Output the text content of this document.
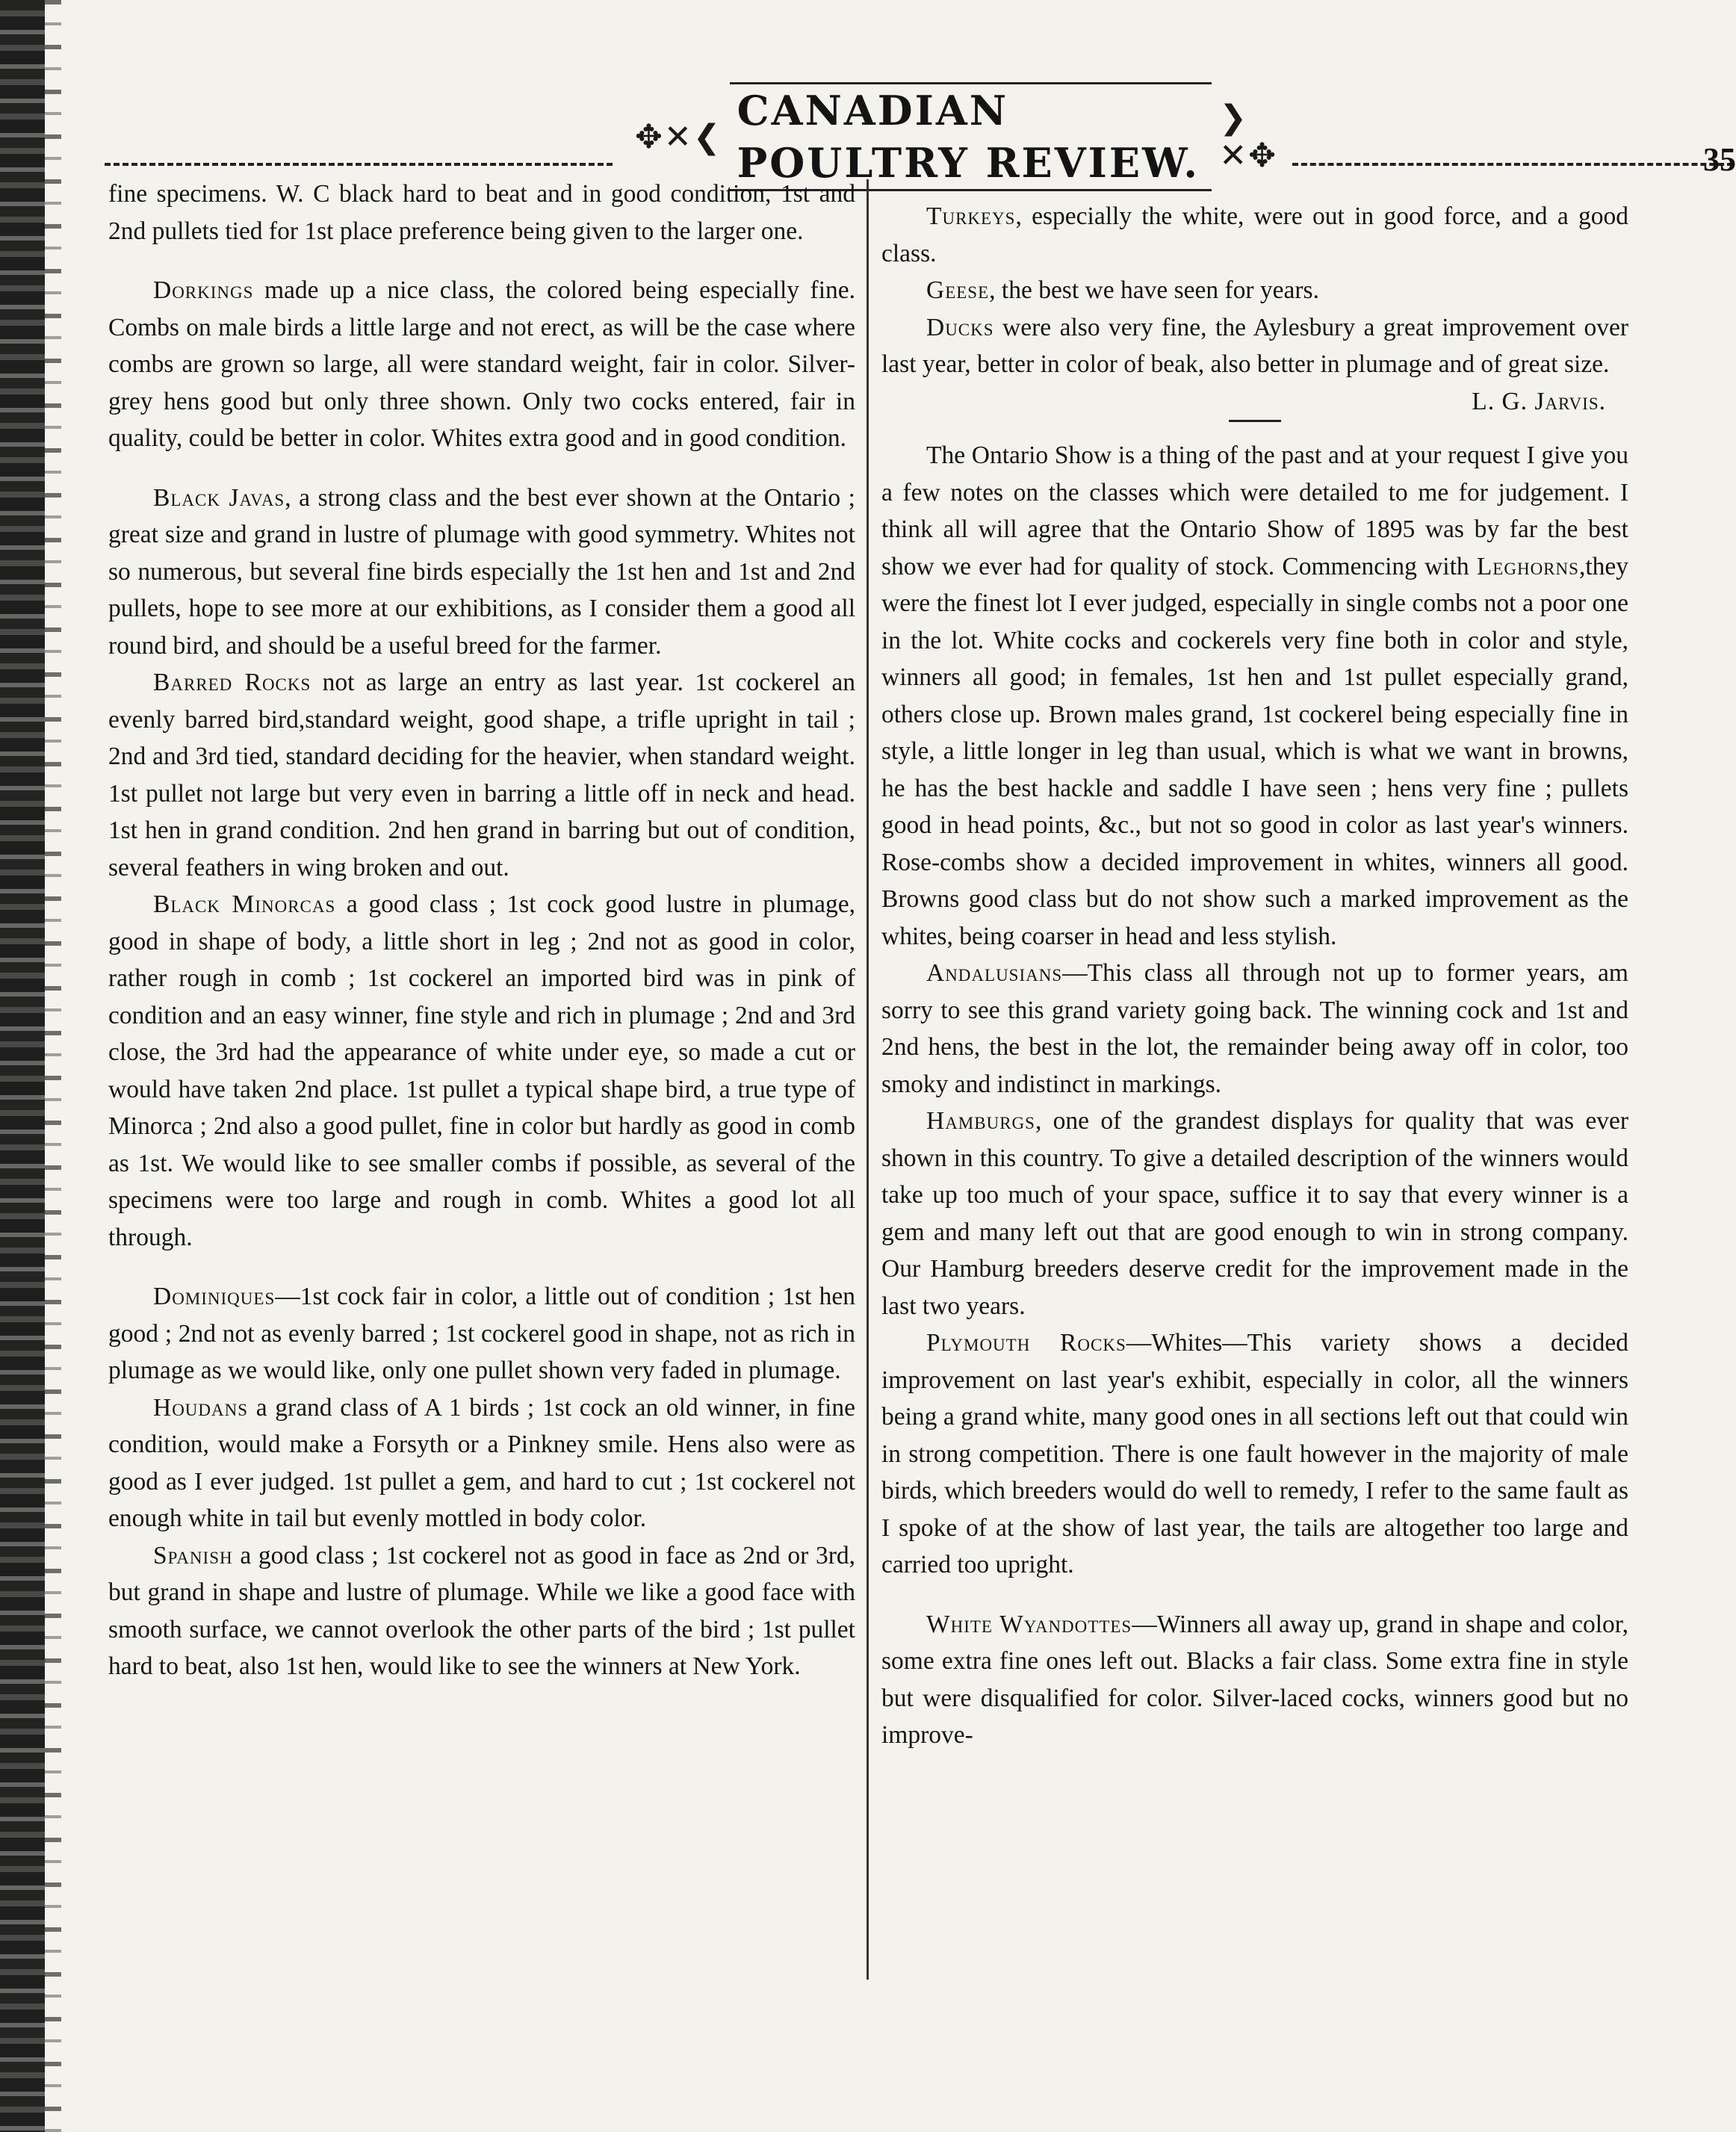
✥✕❮
CANADIAN POULTRY REVIEW.
❯✕✥	35

fine specimens. W. C black hard to beat and in good condition, 1st and 2nd pullets tied for 1st place preference being given to the larger one.

Dorkings made up a nice class, the colored being especially fine. Combs on male birds a little large and not erect, as will be the case where combs are grown so large, all were standard weight, fair in color. Silver-grey hens good but only three shown. Only two cocks entered, fair in quality, could be better in color. Whites extra good and in good condition.

Black Javas, a strong class and the best ever shown at the Ontario ; great size and grand in lustre of plumage with good symmetry. Whites not so numerous, but several fine birds especially the 1st hen and 1st and 2nd pullets, hope to see more at our exhibitions, as I consider them a good all round bird, and should be a useful breed for the farmer.

Barred Rocks not as large an entry as last year. 1st cockerel an evenly barred bird,standard weight, good shape, a trifle upright in tail ; 2nd and 3rd tied, standard deciding for the heavier, when standard weight. 1st pullet not large but very even in barring a little off in neck and head. 1st hen in grand condition. 2nd hen grand in barring but out of condition, several feathers in wing broken and out.

Black Minorcas a good class ; 1st cock good lustre in plumage, good in shape of body, a little short in leg ; 2nd not as good in color, rather rough in comb ; 1st cockerel an imported bird was in pink of condition and an easy winner, fine style and rich in plumage ; 2nd and 3rd close, the 3rd had the appearance of white under eye, so made a cut or would have taken 2nd place. 1st pullet a typical shape bird, a true type of Minorca ; 2nd also a good pullet, fine in color but hardly as good in comb as 1st. We would like to see smaller combs if possible, as several of the specimens were too large and rough in comb. Whites a good lot all through.

Dominiques—1st cock fair in color, a little out of condition ; 1st hen good ; 2nd not as evenly barred ; 1st cockerel good in shape, not as rich in plumage as we would like, only one pullet shown very faded in plumage.

Houdans a grand class of A 1 birds ; 1st cock an old winner, in fine condition, would make a Forsyth or a Pinkney smile. Hens also were as good as I ever judged. 1st pullet a gem, and hard to cut ; 1st cockerel not enough white in tail but evenly mottled in body color.

Spanish a good class ; 1st cockerel not as good in face as 2nd or 3rd, but grand in shape and lustre of plumage. While we like a good face with smooth surface, we cannot overlook the other parts of the bird ; 1st pullet hard to beat, also 1st hen, would like to see the winners at New York.

Turkeys, especially the white, were out in good force, and a good class.

Geese, the best we have seen for years.

Ducks were also very fine, the Aylesbury a great improvement over last year, better in color of beak, also better in plumage and of great size.
L. G. Jarvis.

The Ontario Show is a thing of the past and at your request I give you a few notes on the classes which were detailed to me for judgement. I think all will agree that the Ontario Show of 1895 was by far the best show we ever had for quality of stock. Commencing with Leghorns,they were the finest lot I ever judged, especially in single combs not a poor one in the lot. White cocks and cockerels very fine both in color and style, winners all good; in females, 1st hen and 1st pullet especially grand, others close up. Brown males grand, 1st cockerel being especially fine in style, a little longer in leg than usual, which is what we want in browns, he has the best hackle and saddle I have seen ; hens very fine ; pullets good in head points, &c., but not so good in color as last year's winners. Rose-combs show a decided improvement in whites, winners all good. Browns good class but do not show such a marked improvement as the whites, being coarser in head and less stylish.

Andalusians—This class all through not up to former years, am sorry to see this grand variety going back. The winning cock and 1st and 2nd hens, the best in the lot, the remainder being away off in color, too smoky and indistinct in markings.

Hamburgs, one of the grandest displays for quality that was ever shown in this country. To give a detailed description of the winners would take up too much of your space, suffice it to say that every winner is a gem and many left out that are good enough to win in strong company. Our Hamburg breeders deserve credit for the improvement made in the last two years.

Plymouth Rocks—Whites—This variety shows a decided improvement on last year's exhibit, especially in color, all the winners being a grand white, many good ones in all sections left out that could win in strong competition. There is one fault however in the majority of male birds, which breeders would do well to remedy, I refer to the same fault as I spoke of at the show of last year, the tails are altogether too large and carried too upright.

White Wyandottes—Winners all away up, grand in shape and color, some extra fine ones left out. Blacks a fair class. Some extra fine in style but were disqualified for color. Silver-laced cocks, winners good but no improve-
